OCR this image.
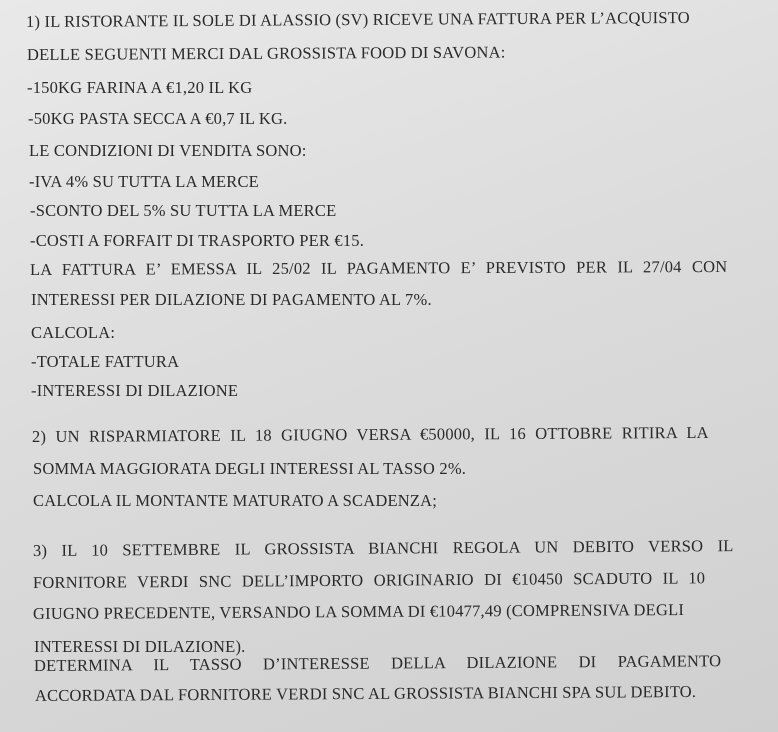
1) IL RISTORANTE IL SOLE DI ALASSIO (SV) RICEVE UNA FATTURA PER L’ACQUISTO
DELLE SEGUENTI MERCI DAL GROSSISTA FOOD DI SAVONA:
-150KG FARINA A €1,20 IL KG
-50KG PASTA SECCA A €0,7 IL KG.
LE CONDIZIONI DI VENDITA SONO:
-IVA 4% SU TUTTA LA MERCE
-SCONTO DEL 5% SU TUTTA LA MERCE
-COSTI A FORFAIT DI TRASPORTO PER €15.
LA FATTURA E’ EMESSA IL 25/02 IL PAGAMENTO E’ PREVISTO PER IL 27/04 CON
INTERESSI PER DILAZIONE DI PAGAMENTO AL 7%.
CALCOLA:
-TOTALE FATTURA
-INTERESSI DI DILAZIONE
2) UN RISPARMIATORE IL 18 GIUGNO VERSA €50000, IL 16 OTTOBRE RITIRA LA
SOMMA MAGGIORATA DEGLI INTERESSI AL TASSO 2%.
CALCOLA IL MONTANTE MATURATO A SCADENZA;
3) IL 10 SETTEMBRE IL GROSSISTA BIANCHI REGOLA UN DEBITO VERSO IL
FORNITORE VERDI SNC DELL’IMPORTO ORIGINARIO DI €10450 SCADUTO IL 10
GIUGNO PRECEDENTE, VERSANDO LA SOMMA DI €10477,49 (COMPRENSIVA DEGLI
INTERESSI DI DILAZIONE).
DETERMINA IL TASSO D’INTERESSE DELLA DILAZIONE DI PAGAMENTO
ACCORDATA DAL FORNITORE VERDI SNC AL GROSSISTA BIANCHI SPA SUL DEBITO.
